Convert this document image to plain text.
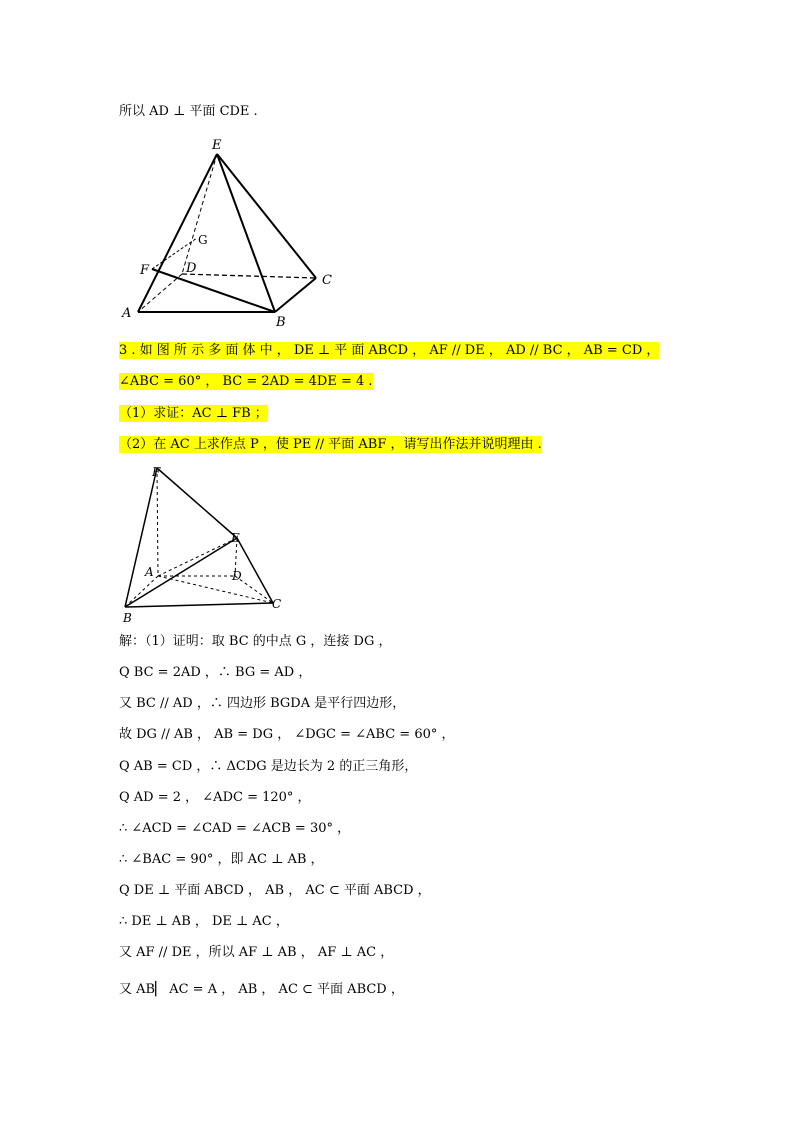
所以 AD ⊥ 平面 CDE .
E
G
F	D
C
A
B
3 . 如 图 所 示 多 面 体 中 ， DE ⊥ 平 面 ABCD ， AF // DE ， AD // BC ， AB = CD ，
∠ABC = 60° ， BC = 2AD = 4DE = 4 .
（1）求证：AC ⊥ FB ；
（2）在 AC 上求作点 P ，使 PE // 平面 ABF ，请写出作法并说明理由 .
F
E
A	D
B
C
解：（1）证明：取 BC 的中点 G ，连接 DG ，
Q BC = 2AD ，∴ BG = AD ，
又 BC // AD ，∴ 四边形 BGDA 是平行四边形，
故 DG // AB ， AB = DG ， ∠DGC = ∠ABC = 60° ，
Q AB = CD ，∴ ΔCDG 是边长为 2 的正三角形，
Q AD = 2 ， ∠ADC = 120° ，
∴ ∠ACD = ∠CAD = ∠ACB = 30° ，
∴ ∠BAC = 90° ，即 AC ⊥ AB ，
Q DE ⊥ 平面 ABCD ， AB ， AC ⊂ 平面 ABCD ，
∴ DE ⊥ AB ， DE ⊥ AC ，
又 AF // DE ，所以 AF ⊥ AB ， AF ⊥ AC ，
又 AB▏ AC = A ， AB ， AC ⊂ 平面 ABCD ，
